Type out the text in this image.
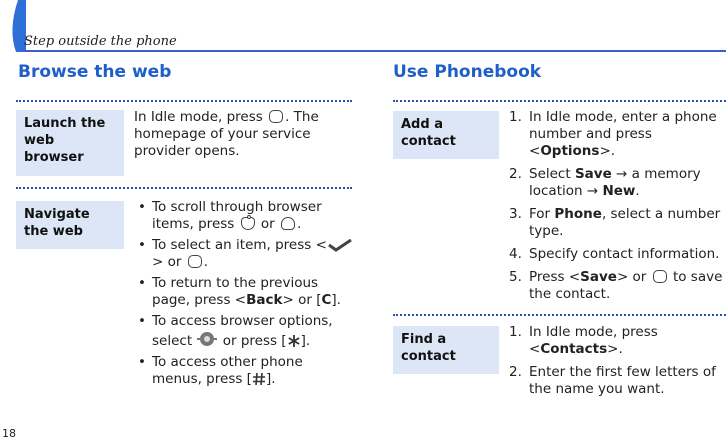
Step outside the phone
Browse the web
Launch the web browser
In Idle mode, press . The homepage of your service provider opens.
Navigate the web
• To scroll through browser items, press or .
• To select an item, press <> or .
• To return to the previous page, press <Back> or [C].
• To access browser options, select or press [ ].
• To access other phone menus, press [ ].
Use Phonebook
Add a contact
1. In Idle mode, enter a phone number and press <Options>.
2. Select Save → a memory location → New.
3. For Phone, select a number type.
4. Specify contact information.
5. Press <Save> or to save the contact.
Find a contact
1. In Idle mode, press <Contacts>.
2. Enter the first few letters of the name you want.
18
